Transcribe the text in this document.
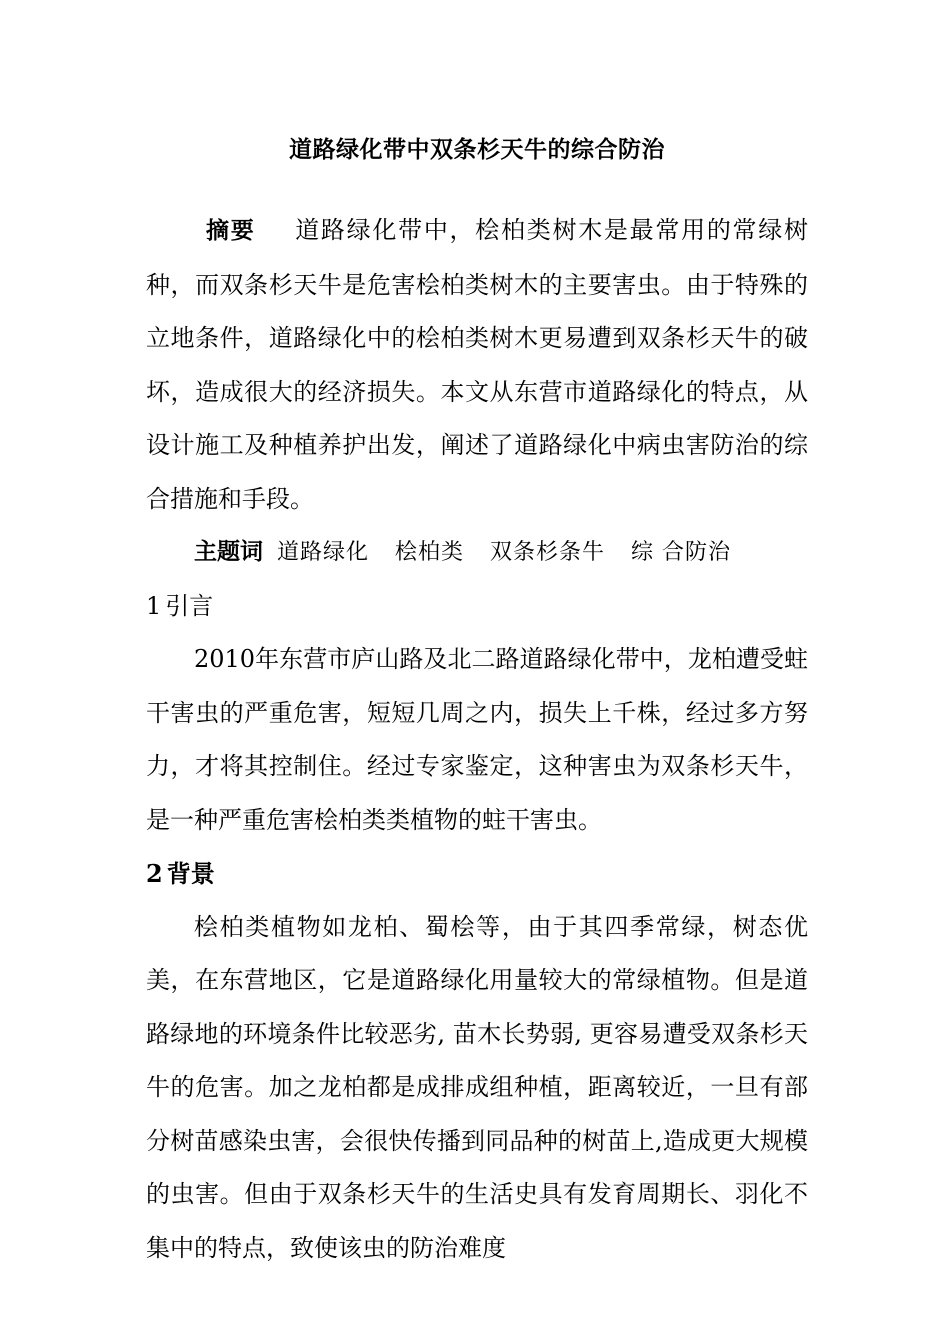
道路绿化带中双条杉天牛的综合防治

摘要 道路绿化带中，桧柏类树木是最常用的常绿树种，而双条杉天牛是危害桧柏类树木的主要害虫。由于特殊的立地条件，道路绿化中的桧柏类树木更易遭到双条杉天牛的破坏，造成很大的经济损失。本文从东营市道路绿化的特点，从设计施工及种植养护出发，阐述了道路绿化中病虫害防治的综合措施和手段。

主题词 道路绿化 桧柏类 双条杉条牛 综 合防治

1 引言

2010年东营市庐山路及北二路道路绿化带中，龙柏遭受蛀干害虫的严重危害，短短几周之内，损失上千株，经过多方努力，才将其控制住。经过专家鉴定，这种害虫为双条杉天牛，是一种严重危害桧柏类类植物的蛀干害虫。

2 背景

桧柏类植物如龙柏、蜀桧等，由于其四季常绿，树态优美，在东营地区，它是道路绿化用量较大的常绿植物。但是道路绿地的环境条件比较恶劣, 苗木长势弱, 更容易遭受双条杉天牛的危害。加之龙柏都是成排成组种植，距离较近，一旦有部分树苗感染虫害，会很快传播到同品种的树苗上,造成更大规模的虫害。但由于双条杉天牛的生活史具有发育周期长、羽化不集中的特点，致使该虫的防治难度
